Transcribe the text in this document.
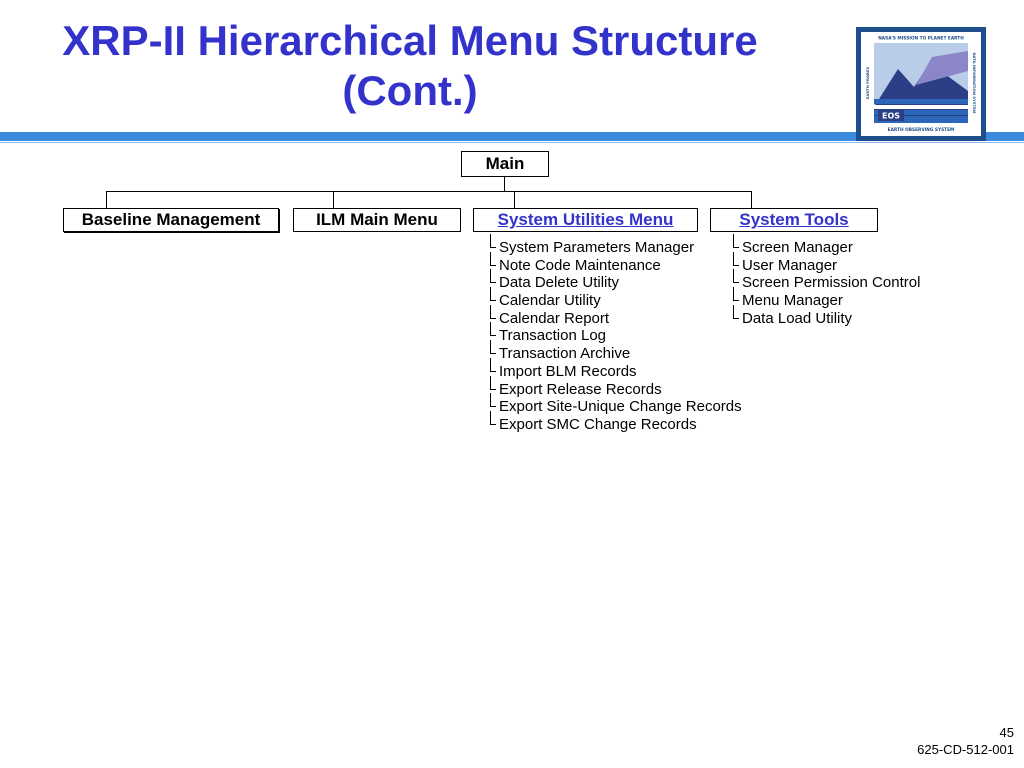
XRP-II Hierarchical Menu Structure
(Cont.)
EOS
NASA'S MISSION TO PLANET EARTH
EARTH OBSERVING SYSTEM
EARTH PROBES	DATA INFORMATION SYSTEM
Main
Baseline Management	ILM Main Menu	System Utilities Menu	System Tools
System Parameters Manager
Note Code Maintenance
Data Delete Utility
Calendar Utility
Calendar Report
Transaction Log
Transaction Archive
Import BLM Records
Export Release Records
Export Site-Unique Change Records
Export SMC Change Records
Screen Manager
User Manager
Screen Permission Control
Menu Manager
Data Load Utility
45
625-CD-512-001
